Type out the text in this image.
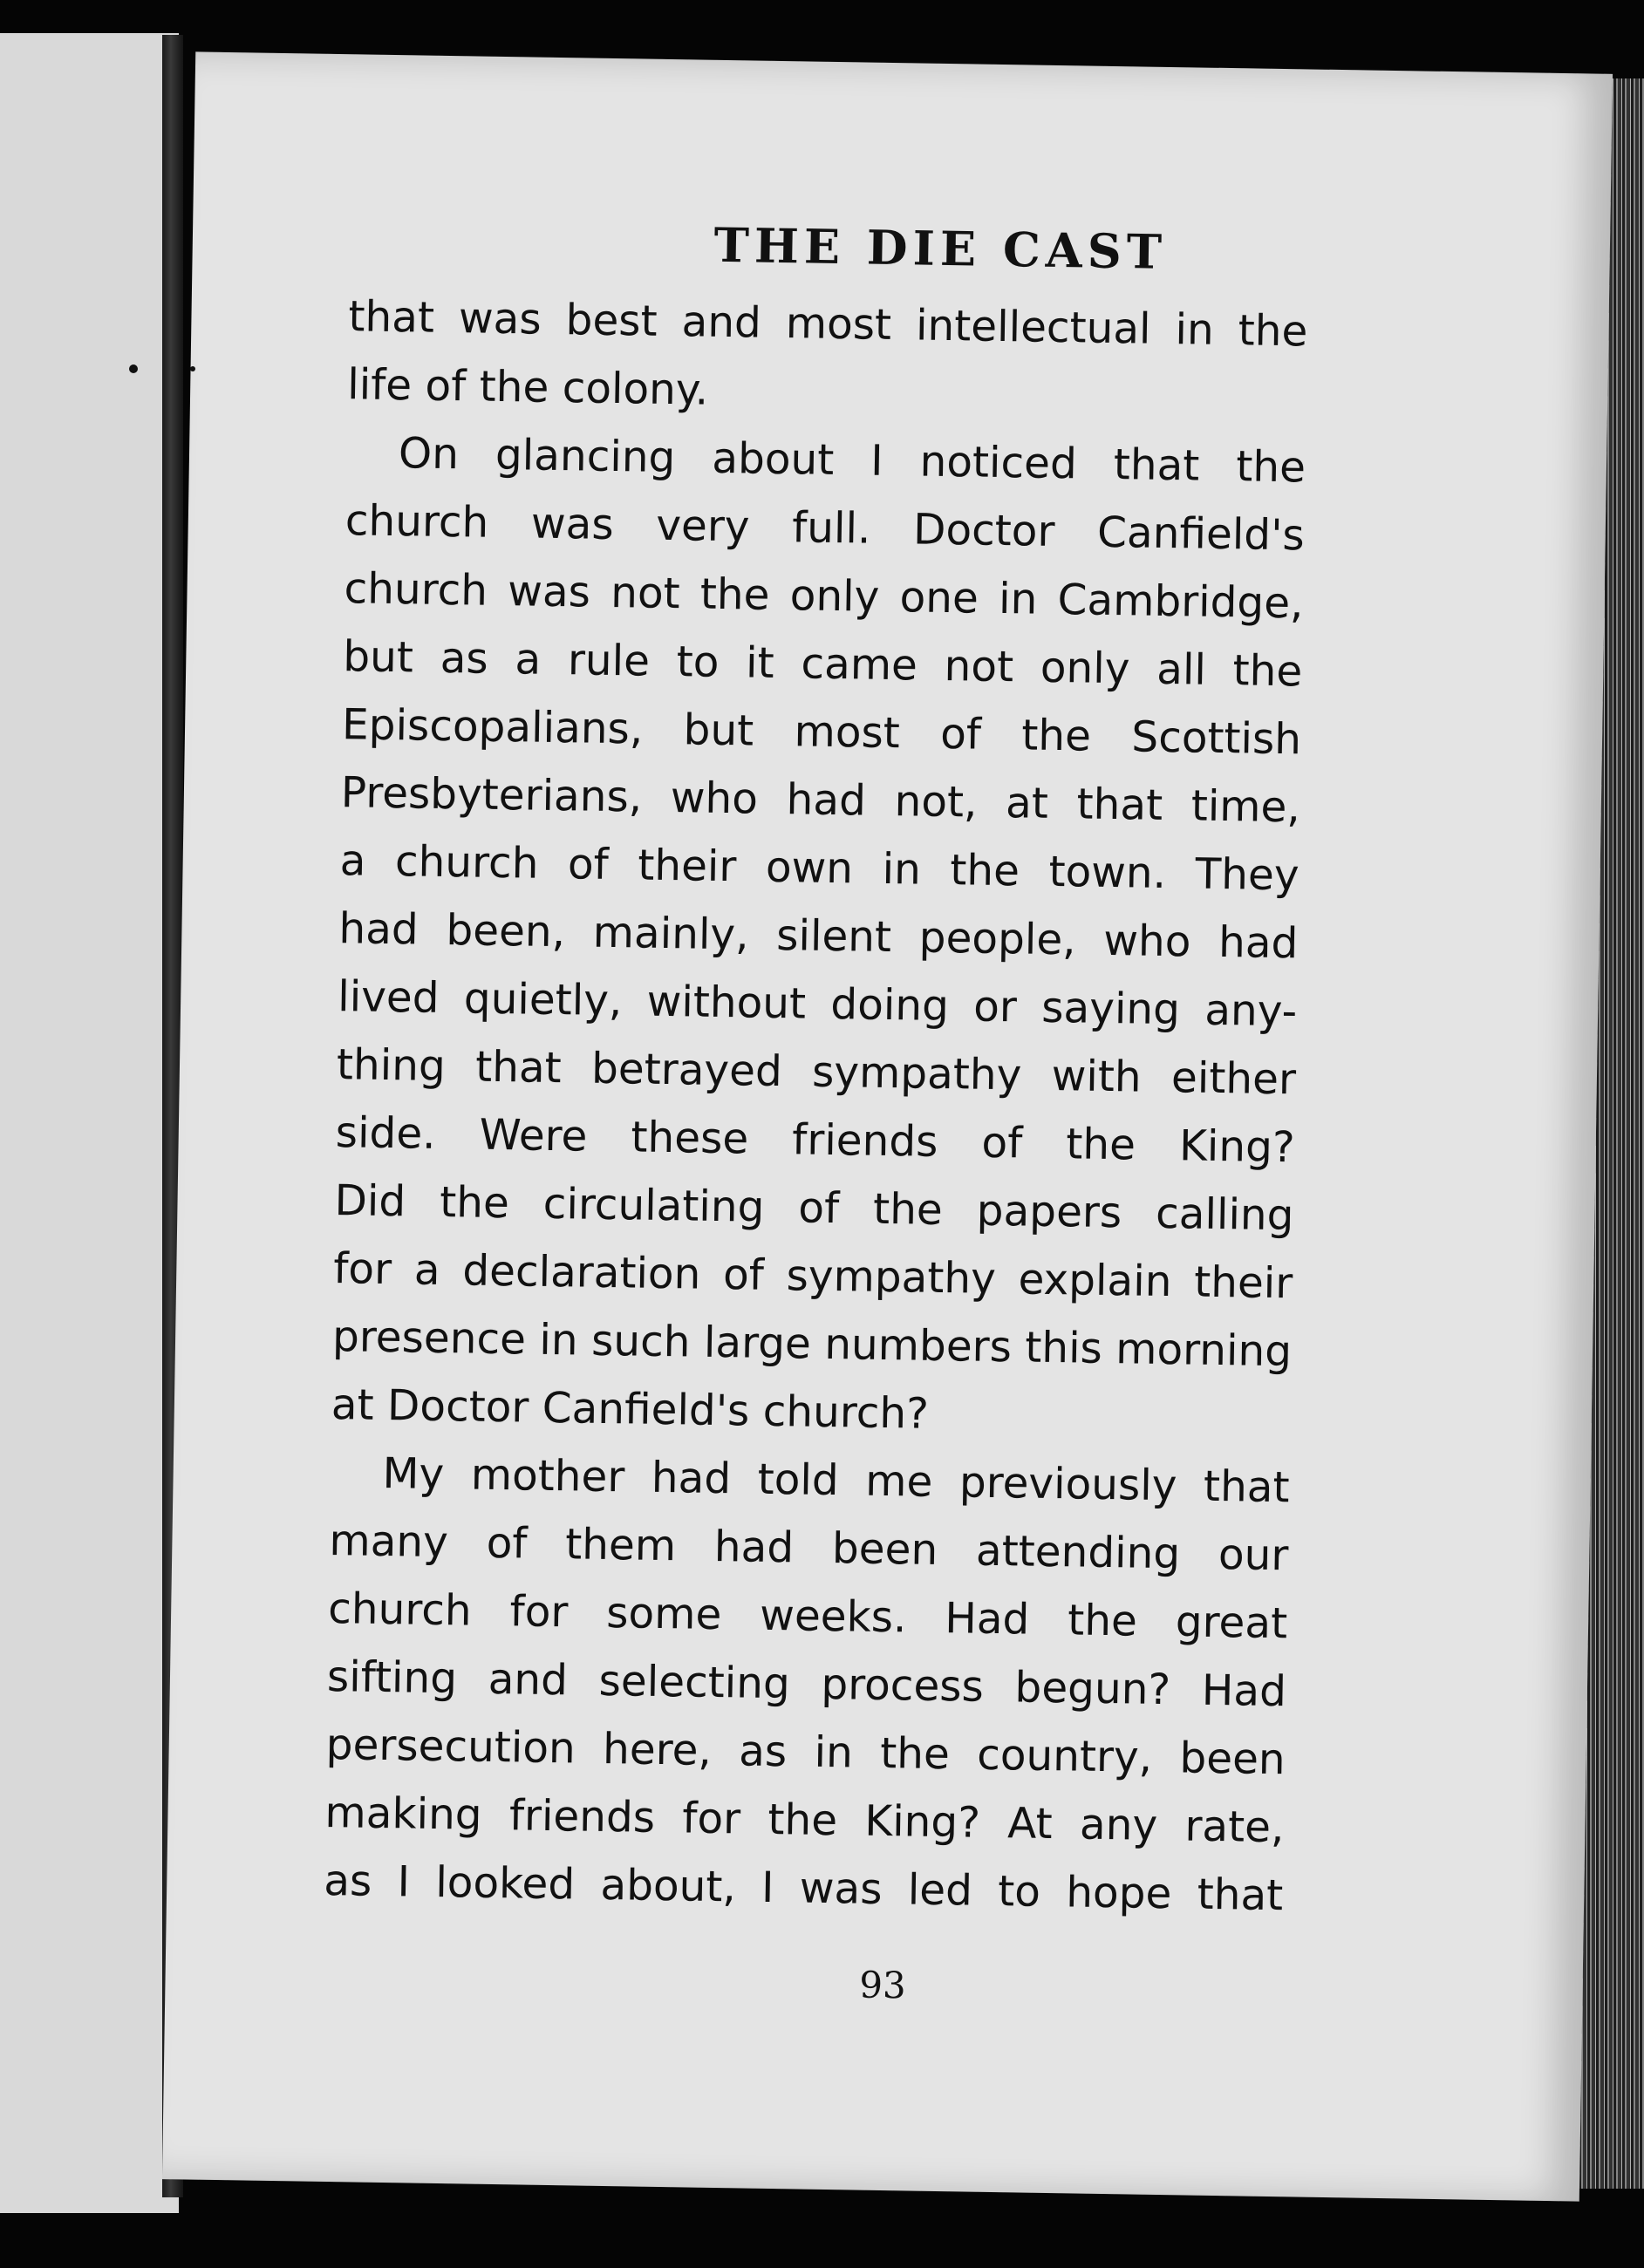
THE DIE CAST
that was best and most intellectual in the
life of the colony.
On glancing about I noticed that the
church was very full. Doctor Canfield's
church was not the only one in Cambridge,
but as a rule to it came not only all the
Episcopalians, but most of the Scottish
Presbyterians, who had not, at that time,
a church of their own in the town. They
had been, mainly, silent people, who had
lived quietly, without doing or saying any-
thing that betrayed sympathy with either
side. Were these friends of the King?
Did the circulating of the papers calling
for a declaration of sympathy explain their
presence in such large numbers this morning
at Doctor Canfield's church?
My mother had told me previously that
many of them had been attending our
church for some weeks. Had the great
sifting and selecting process begun? Had
persecution here, as in the country, been
making friends for the King? At any rate,
as I looked about, I was led to hope that
93
